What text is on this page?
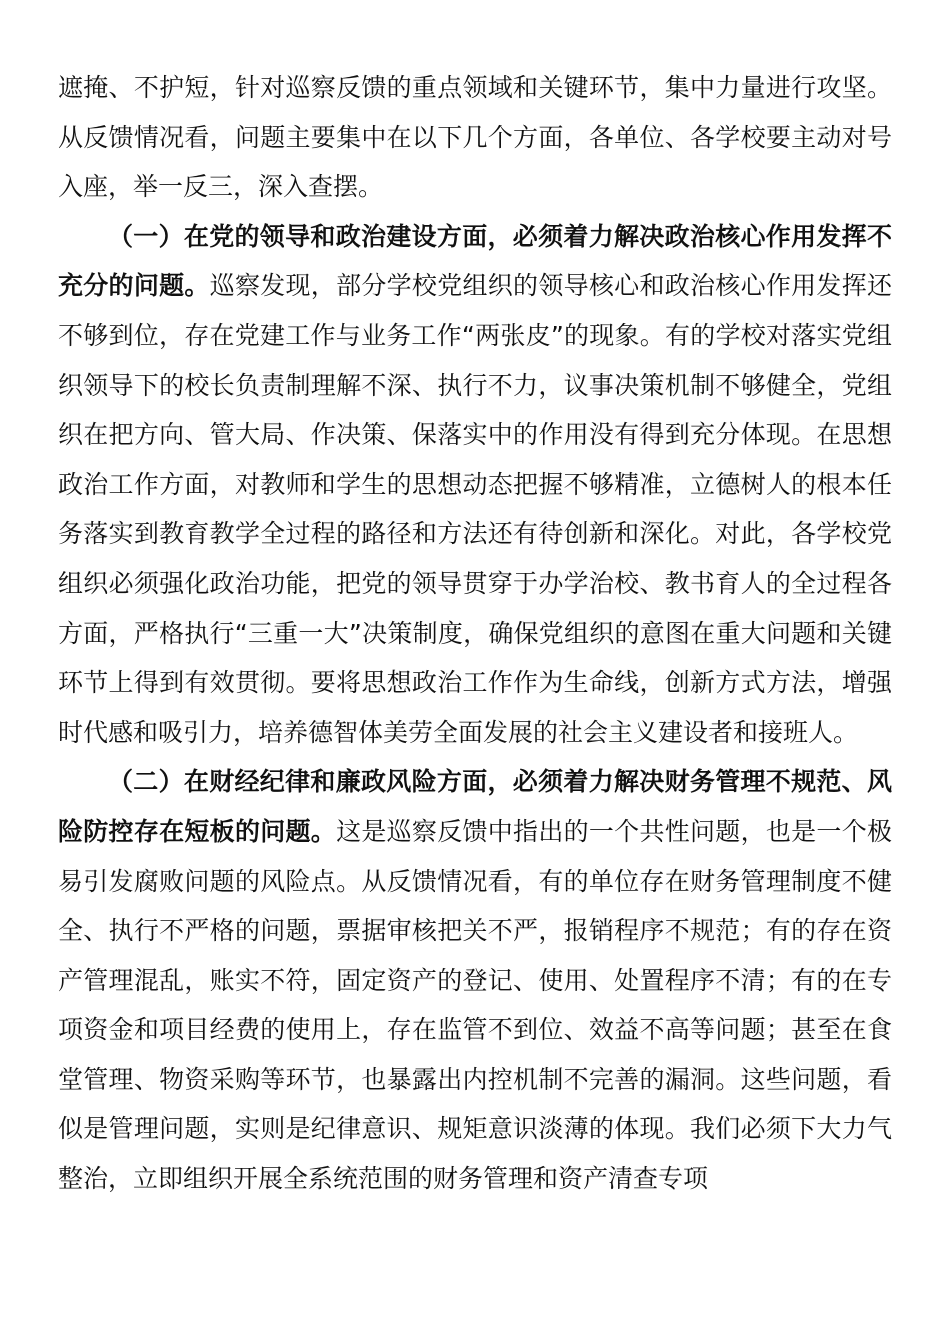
遮掩、不护短，针对巡察反馈的重点领域和关键环节，集中力量进行攻坚。从反馈情况看，问题主要集中在以下几个方面，各单位、各学校要主动对号入座，举一反三，深入查摆。

（一）在党的领导和政治建设方面，必须着力解决政治核心作用发挥不充分的问题。巡察发现，部分学校党组织的领导核心和政治核心作用发挥还不够到位，存在党建工作与业务工作“两张皮”的现象。有的学校对落实党组织领导下的校长负责制理解不深、执行不力，议事决策机制不够健全，党组织在把方向、管大局、作决策、保落实中的作用没有得到充分体现。在思想政治工作方面，对教师和学生的思想动态把握不够精准，立德树人的根本任务落实到教育教学全过程的路径和方法还有待创新和深化。对此，各学校党组织必须强化政治功能，把党的领导贯穿于办学治校、教书育人的全过程各方面，严格执行“三重一大”决策制度，确保党组织的意图在重大问题和关键环节上得到有效贯彻。要将思想政治工作作为生命线，创新方式方法，增强时代感和吸引力，培养德智体美劳全面发展的社会主义建设者和接班人。

（二）在财经纪律和廉政风险方面，必须着力解决财务管理不规范、风险防控存在短板的问题。这是巡察反馈中指出的一个共性问题，也是一个极易引发腐败问题的风险点。从反馈情况看，有的单位存在财务管理制度不健全、执行不严格的问题，票据审核把关不严，报销程序不规范；有的存在资产管理混乱，账实不符，固定资产的登记、使用、处置程序不清；有的在专项资金和项目经费的使用上，存在监管不到位、效益不高等问题；甚至在食堂管理、物资采购等环节，也暴露出内控机制不完善的漏洞。这些问题，看似是管理问题，实则是纪律意识、规矩意识淡薄的体现。我们必须下大力气整治，立即组织开展全系统范围的财务管理和资产清查专项
